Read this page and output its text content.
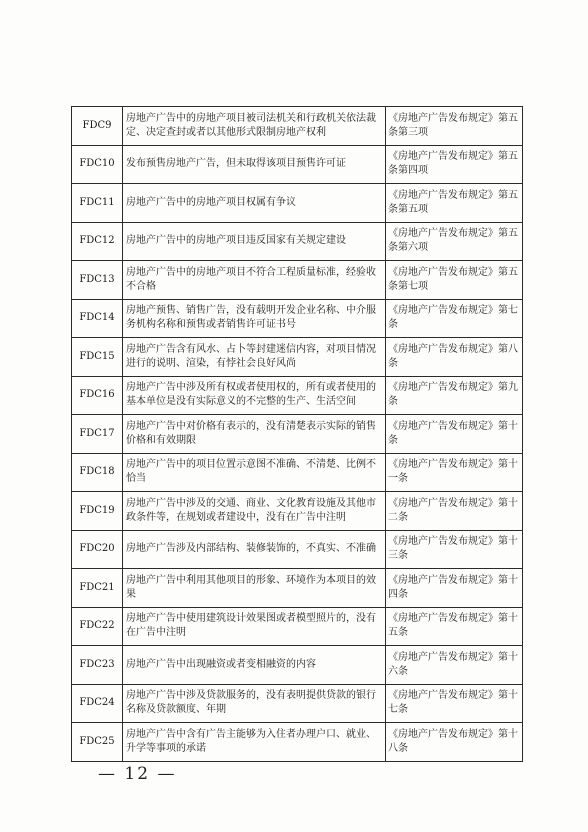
FDC9	房地产广告中的房地产项目被司法机关和行政机关依法裁定、决定查封或者以其他形式限制房地产权利	《房地产广告发布规定》第五条第三项

FDC10	发布预售房地产广告，但未取得该项目预售许可证	《房地产广告发布规定》第五条第四项

FDC11	房地产广告中的房地产项目权属有争议	《房地产广告发布规定》第五条第五项

FDC12	房地产广告中的房地产项目违反国家有关规定建设	《房地产广告发布规定》第五条第六项

FDC13	房地产广告中的房地产项目不符合工程质量标准，经验收不合格	《房地产广告发布规定》第五条第七项

FDC14	房地产预售、销售广告，没有载明开发企业名称、中介服务机构名称和预售或者销售许可证书号	《房地产广告发布规定》第七条

FDC15	房地产广告含有风水、占卜等封建迷信内容，对项目情况进行的说明、渲染，有悖社会良好风尚	《房地产广告发布规定》第八条

FDC16	房地产广告中涉及所有权或者使用权的，所有或者使用的基本单位是没有实际意义的不完整的生产、生活空间	《房地产广告发布规定》第九条

FDC17	房地产广告中对价格有表示的，没有清楚表示实际的销售价格和有效期限	《房地产广告发布规定》第十条

FDC18	房地产广告中的项目位置示意图不准确、不清楚、比例不恰当	《房地产广告发布规定》第十一条

FDC19	房地产广告中涉及的交通、商业、文化教育设施及其他市政条件等，在规划或者建设中，没有在广告中注明	《房地产广告发布规定》第十二条

FDC20	房地产广告涉及内部结构、装修装饰的，不真实、不准确	《房地产广告发布规定》第十三条

FDC21	房地产广告中利用其他项目的形象、环境作为本项目的效果	《房地产广告发布规定》第十四条

FDC22	房地产广告中使用建筑设计效果图或者模型照片的，没有在广告中注明	《房地产广告发布规定》第十五条

FDC23	房地产广告中出现融资或者变相融资的内容	《房地产广告发布规定》第十六条

FDC24	房地产广告中涉及贷款服务的，没有表明提供贷款的银行名称及贷款额度、年期	《房地产广告发布规定》第十七条

FDC25	房地产广告中含有广告主能够为入住者办理户口、就业、升学等事项的承诺	《房地产广告发布规定》第十八条
— 12 —
